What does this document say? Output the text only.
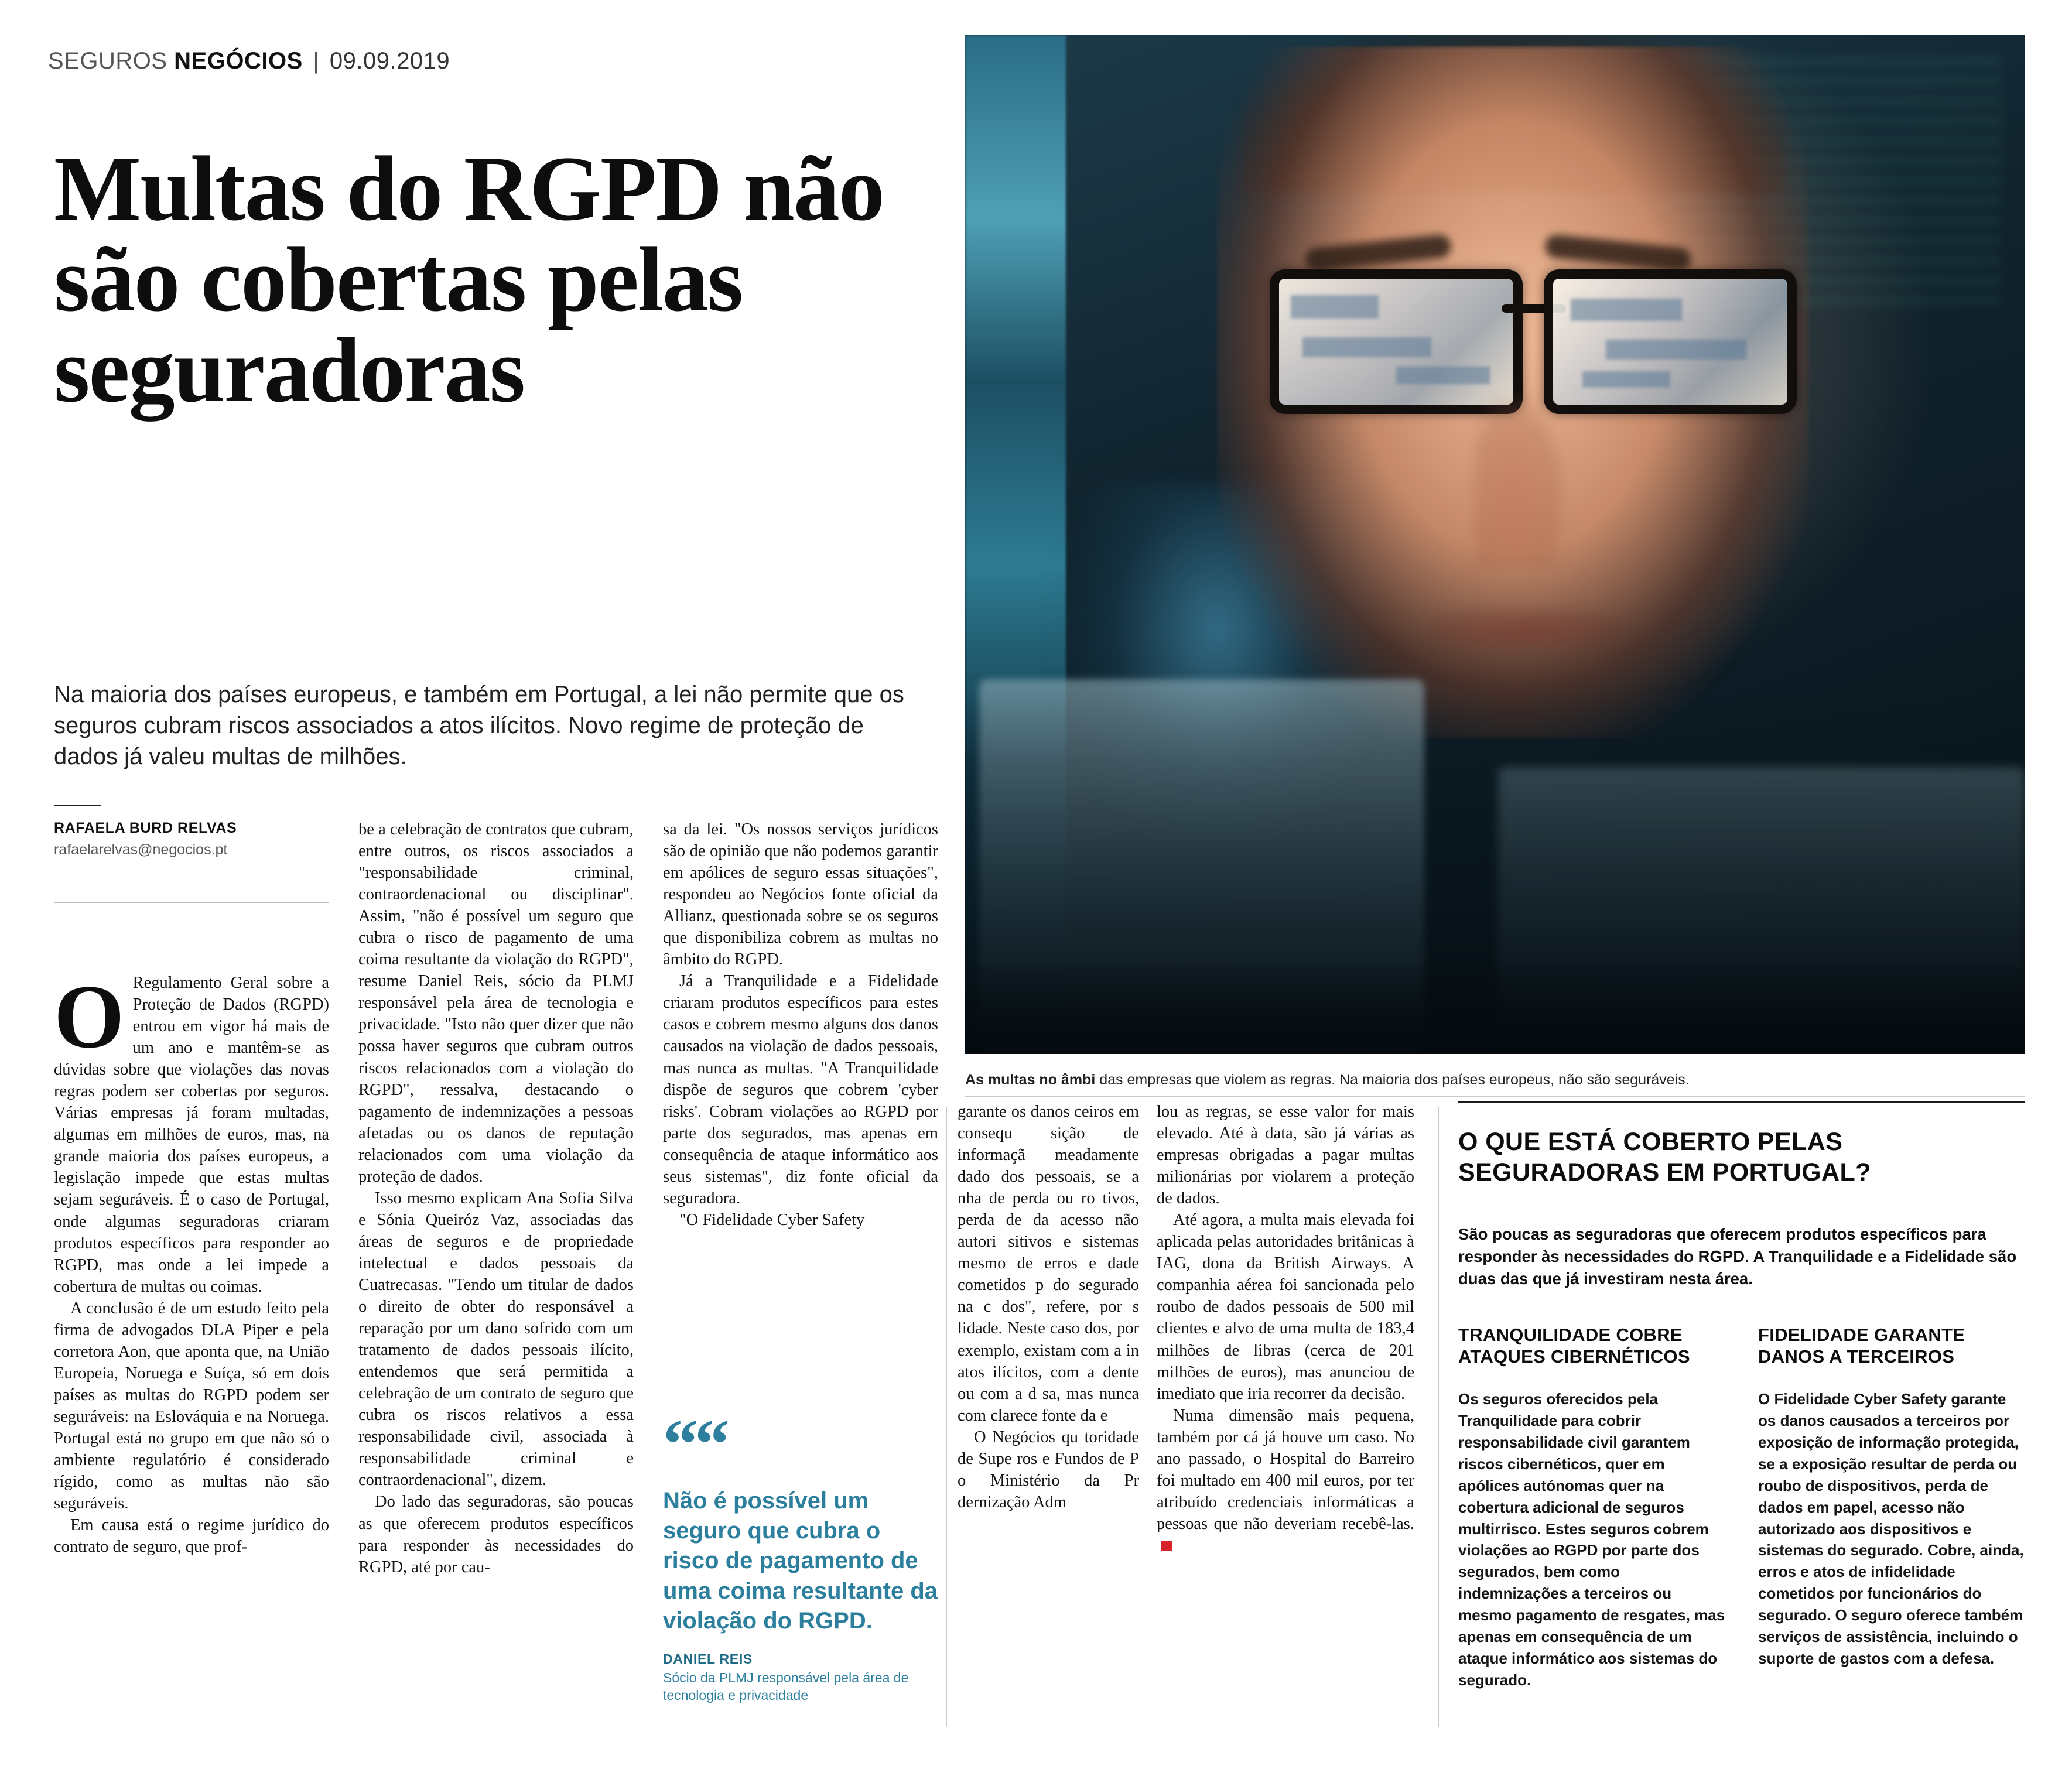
SEGUROS NEGÓCIOS | 09.09.2019
Multas do RGPD não são cobertas pelas seguradoras
Na maioria dos países europeus, e também em Portugal, a lei não permite que os seguros cubram riscos associados a atos ilícitos. Novo regime de proteção de dados já valeu multas de milhões.
RAFAELA BURD RELVAS
rafaelarelvas@negocios.pt

O Regulamento Geral sobre a Proteção de Dados (RGPD) entrou em vigor há mais de um ano e mantêm-se as dúvidas sobre que violações das novas regras podem ser cobertas por seguros. Várias empresas já foram multadas, algumas em milhões de euros, mas, na grande maioria dos países europeus, a legislação impede que estas multas sejam seguráveis. É o caso de Portugal, onde algumas seguradoras criaram produtos específicos para responder ao RGPD, mas onde a lei impede a cobertura de multas ou coimas.

A conclusão é de um estudo feito pela firma de advogados DLA Piper e pela corretora Aon, que aponta que, na União Europeia, Noruega e Suíça, só em dois países as multas do RGPD podem ser seguráveis: na Eslováquia e na Noruega. Portugal está no grupo em que não só o ambiente regulatório é considerado rígido, como as multas não são seguráveis.

Em causa está o regime jurídico do contrato de seguro, que prof-

be a celebração de contratos que cubram, entre outros, os riscos associados a "responsabilidade criminal, contraordenacional ou disciplinar". Assim, "não é possível um seguro que cubra o risco de pagamento de uma coima resultante da violação do RGPD", resume Daniel Reis, sócio da PLMJ responsável pela área de tecnologia e privacidade. "Isto não quer dizer que não possa haver seguros que cubram outros riscos relacionados com a violação do RGPD", ressalva, destacando o pagamento de indemnizações a pessoas afetadas ou os danos de reputação relacionados com uma violação da proteção de dados.

Isso mesmo explicam Ana Sofia Silva e Sónia Queiróz Vaz, associadas das áreas de seguros e de propriedade intelectual e dados pessoais da Cuatrecasas. "Tendo um titular de dados o direito de obter do responsável a reparação por um dano sofrido com um tratamento de dados pessoais ilícito, entendemos que será permitida a celebração de um contrato de seguro que cubra os riscos relativos a essa responsabilidade civil, associada à responsabilidade criminal e contraordenacional", dizem.

Do lado das seguradoras, são poucas as que oferecem produtos específicos para responder às necessidades do RGPD, até por cau-

sa da lei. "Os nossos serviços jurídicos são de opinião que não podemos garantir em apólices de seguro essas situações", respondeu ao Negócios fonte oficial da Allianz, questionada sobre se os seguros que disponibiliza cobrem as multas no âmbito do RGPD.

Já a Tranquilidade e a Fidelidade criaram produtos específicos para estes casos e cobrem mesmo alguns dos danos causados na violação de dados pessoais, mas nunca as multas. "A Tranquilidade dispõe de seguros que cobrem 'cyber risks'. Cobram violações ao RGPD por parte dos segurados, mas apenas em consequência de ataque informático aos seus sistemas", diz fonte oficial da seguradora.

"O Fidelidade Cyber Safety

““
Não é possível um seguro que cubra o risco de pagamento de uma coima resultante da violação do RGPD.
DANIEL REIS
Sócio da PLMJ responsável pela área de tecnologia e privacidade

garante os danos ceiros em consequ sição de informaçã meadamente dado dos pessoais, se a nha de perda ou ro tivos, perda de da acesso não autori sitivos e sistemas mesmo de erros e dade cometidos p do segurado na c dos", refere, por s lidade. Neste caso dos, por exemplo, existam com a in atos ilícitos, com a dente ou com a d sa, mas nunca com clarece fonte da e

O Negócios qu toridade de Supe ros e Fundos de P o Ministério da Pr dernização Adm

lou as regras, se esse valor for mais elevado. Até à data, são já várias as empresas obrigadas a pagar multas milionárias por violarem a proteção de dados.

Até agora, a multa mais elevada foi aplicada pelas autoridades britânicas à IAG, dona da British Airways. A companhia aérea foi sancionada pelo roubo de dados pessoais de 500 mil clientes e alvo de uma multa de 183,4 milhões de libras (cerca de 201 milhões de euros), mas anunciou de imediato que iria recorrer da decisão.

Numa dimensão mais pequena, também por cá já houve um caso. No ano passado, o Hospital do Barreiro foi multado em 400 mil euros, por ter atribuído credenciais informáticas a pessoas que não deveriam recebê-las.

As multas no âmbi das empresas que violem as regras. Na maioria dos países europeus, não são seguráveis.
O QUE ESTÁ COBERTO PELAS SEGURADORAS EM PORTUGAL?
São poucas as seguradoras que oferecem produtos específicos para responder às necessidades do RGPD. A Tranquilidade e a Fidelidade são duas das que já investiram nesta área.
TRANQUILIDADE COBRE ATAQUES CIBERNÉTICOS
Os seguros oferecidos pela Tranquilidade para cobrir responsabilidade civil garantem riscos cibernéticos, quer em apólices autónomas quer na cobertura adicional de seguros multirrisco. Estes seguros cobrem violações ao RGPD por parte dos segurados, bem como indemnizações a terceiros ou mesmo pagamento de resgates, mas apenas em consequência de um ataque informático aos sistemas do segurado.
FIDELIDADE GARANTE DANOS A TERCEIROS
O Fidelidade Cyber Safety garante os danos causados a terceiros por exposição de informação protegida, se a exposição resultar de perda ou roubo de dispositivos, perda de dados em papel, acesso não autorizado aos dispositivos e sistemas do segurado. Cobre, ainda, erros e atos de infidelidade cometidos por funcionários do segurado. O seguro oferece também serviços de assistência, incluindo o suporte de gastos com a defesa.
